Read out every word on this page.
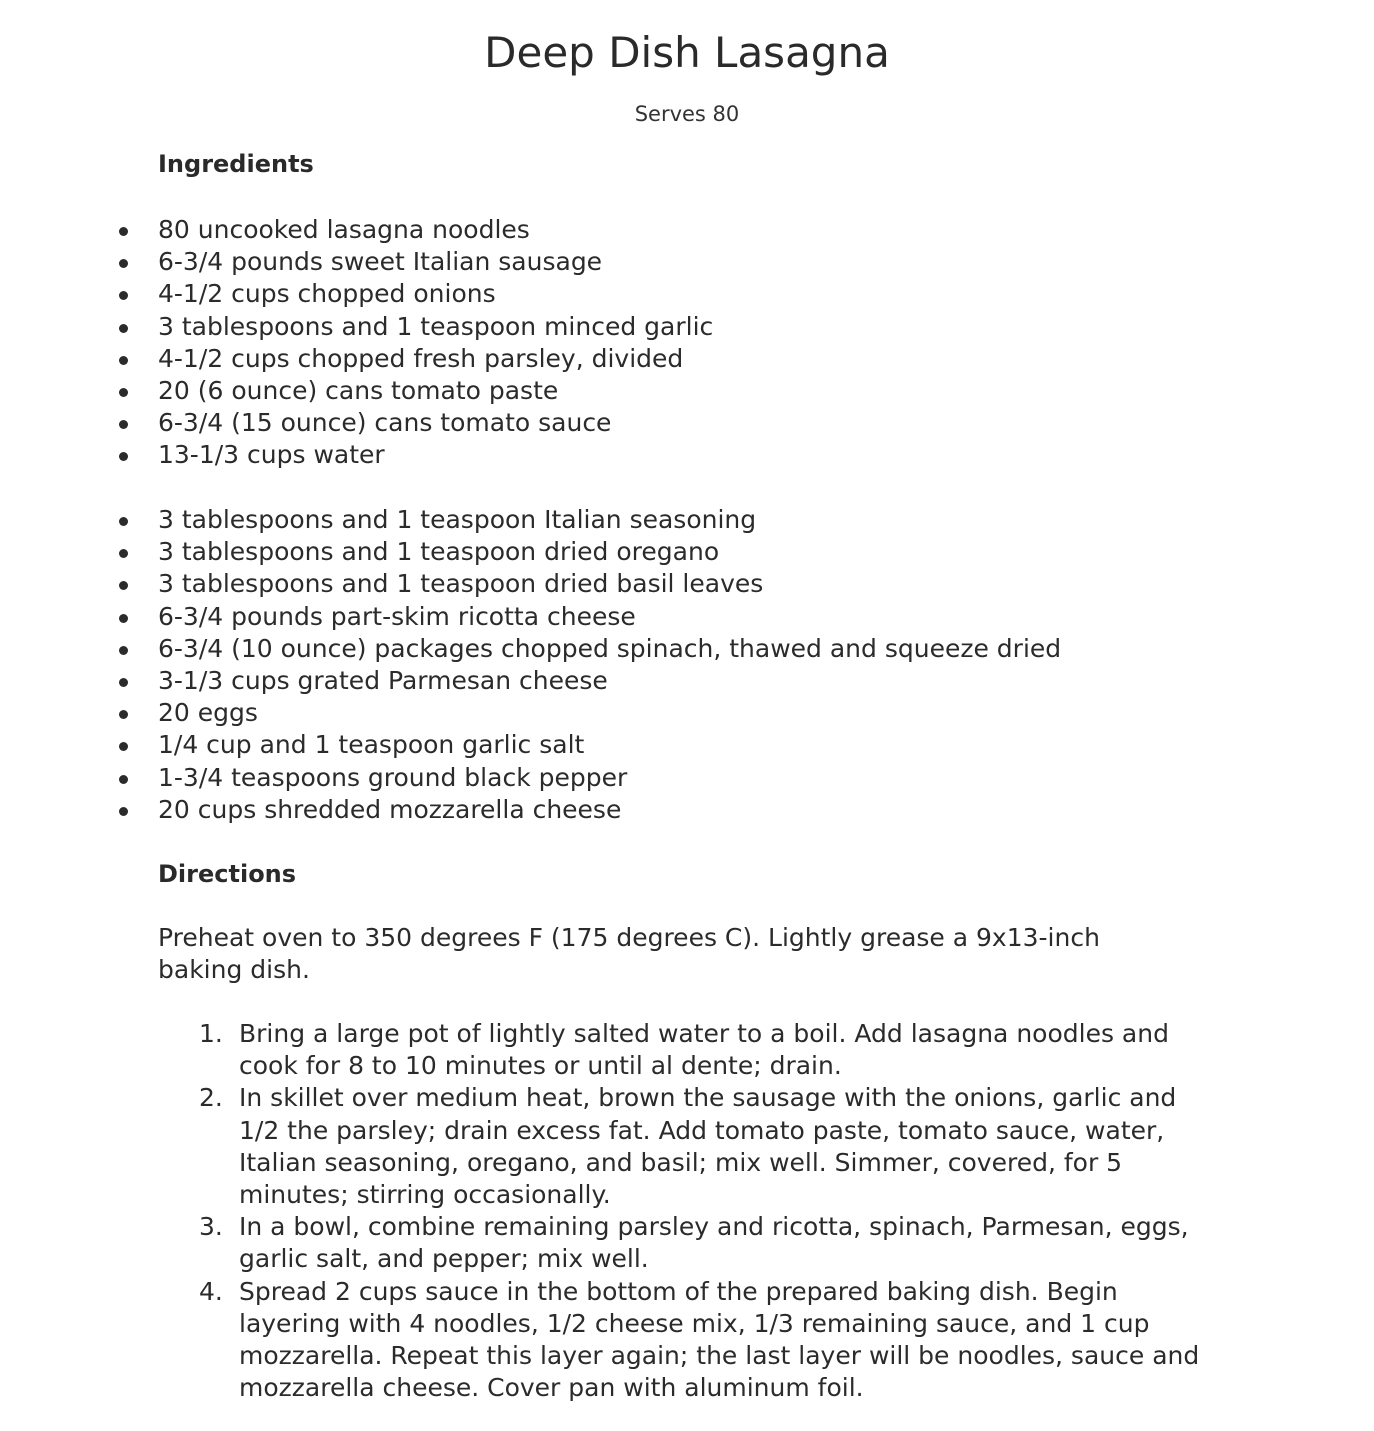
Deep Dish Lasagna
Serves 80
Ingredients
80 uncooked lasagna noodles
6-3/4 pounds sweet Italian sausage
4-1/2 cups chopped onions
3 tablespoons and 1 teaspoon minced garlic
4-1/2 cups chopped fresh parsley, divided
20 (6 ounce) cans tomato paste
6-3/4 (15 ounce) cans tomato sauce
13-1/3 cups water
3 tablespoons and 1 teaspoon Italian seasoning
3 tablespoons and 1 teaspoon dried oregano
3 tablespoons and 1 teaspoon dried basil leaves
6-3/4 pounds part-skim ricotta cheese
6-3/4 (10 ounce) packages chopped spinach, thawed and squeeze dried
3-1/3 cups grated Parmesan cheese
20 eggs
1/4 cup and 1 teaspoon garlic salt
1-3/4 teaspoons ground black pepper
20 cups shredded mozzarella cheese
Directions

Preheat oven to 350 degrees F (175 degrees C). Lightly grease a 9x13-inch baking dish.

1. Bring a large pot of lightly salted water to a boil. Add lasagna noodles and cook for 8 to 10 minutes or until al dente; drain.
2. In skillet over medium heat, brown the sausage with the onions, garlic and 1/2 the parsley; drain excess fat. Add tomato paste, tomato sauce, water, Italian seasoning, oregano, and basil; mix well. Simmer, covered, for 5 minutes; stirring occasionally.
3. In a bowl, combine remaining parsley and ricotta, spinach, Parmesan, eggs, garlic salt, and pepper; mix well.
4. Spread 2 cups sauce in the bottom of the prepared baking dish. Begin layering with 4 noodles, 1/2 cheese mix, 1/3 remaining sauce, and 1 cup mozzarella. Repeat this layer again; the last layer will be noodles, sauce and mozzarella cheese. Cover pan with aluminum foil.
